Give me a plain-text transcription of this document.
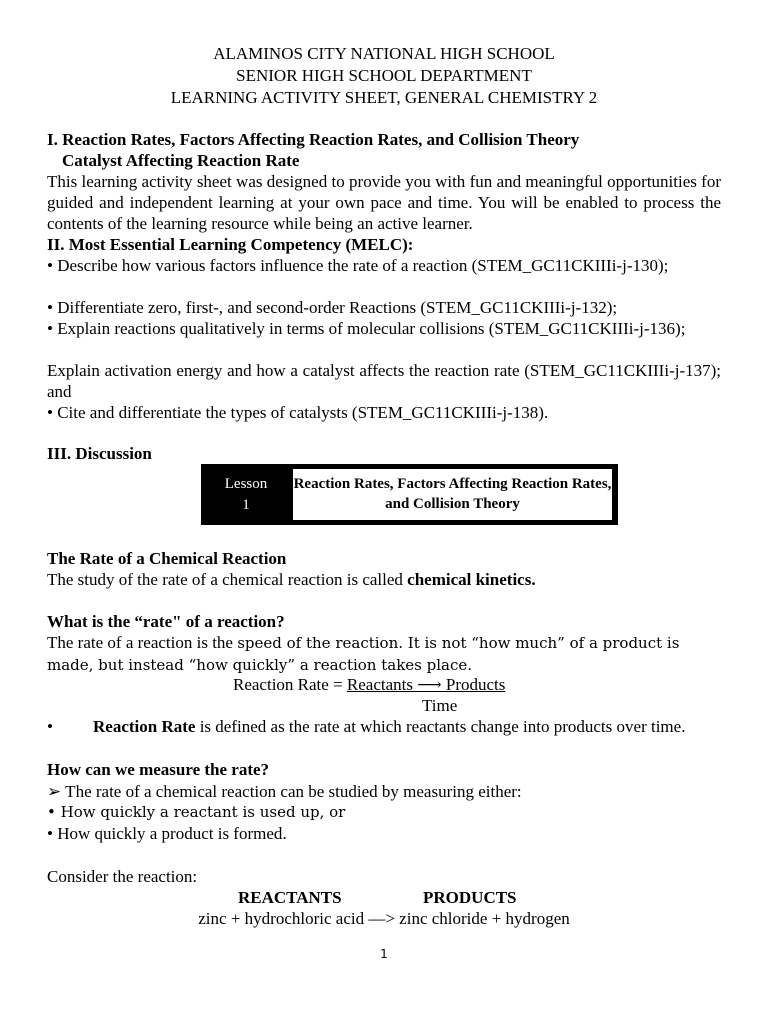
ALAMINOS CITY NATIONAL HIGH SCHOOL
SENIOR HIGH SCHOOL DEPARTMENT
LEARNING ACTIVITY SHEET, GENERAL CHEMISTRY 2
I. Reaction Rates, Factors Affecting Reaction Rates, and Collision Theory
Catalyst Affecting Reaction Rate
This learning activity sheet was designed to provide you with fun and meaningful opportunities for guided and independent learning at your own pace and time. You will be enabled to process the contents of the learning resource while being an active learner.
II. Most Essential Learning Competency (MELC):
• Describe how various factors influence the rate of a reaction (STEM_GC11CKIIIi-j-130);
• Differentiate zero, first-, and second-order Reactions (STEM_GC11CKIIIi-j-132);
• Explain reactions qualitatively in terms of molecular collisions (STEM_GC11CKIIIi-j-136);
Explain activation energy and how a catalyst affects the reaction rate (STEM_GC11CKIIIi-j-137); and
• Cite and differentiate the types of catalysts (STEM_GC11CKIIIi-j-138).
III. Discussion
Lesson
1
Reaction Rates, Factors Affecting Reaction Rates, and Collision Theory
The Rate of a Chemical Reaction
The study of the rate of a chemical reaction is called chemical kinetics.
What is the “rate" of a reaction?
The rate of a reaction is the speed of the reaction. It is not “how much” of a product is made, but instead “how quickly” a reaction takes place.
Reaction Rate = Reactants ⟶ Products
Time
•	Reaction Rate is defined as the rate at which reactants change into products over time.
How can we measure the rate?
➢ The rate of a chemical reaction can be studied by measuring either:
• How quickly a reactant is used up, or
• How quickly a product is formed.
Consider the reaction:
REACTANTS	PRODUCTS
zinc + hydrochloric acid —> zinc chloride + hydrogen
1
